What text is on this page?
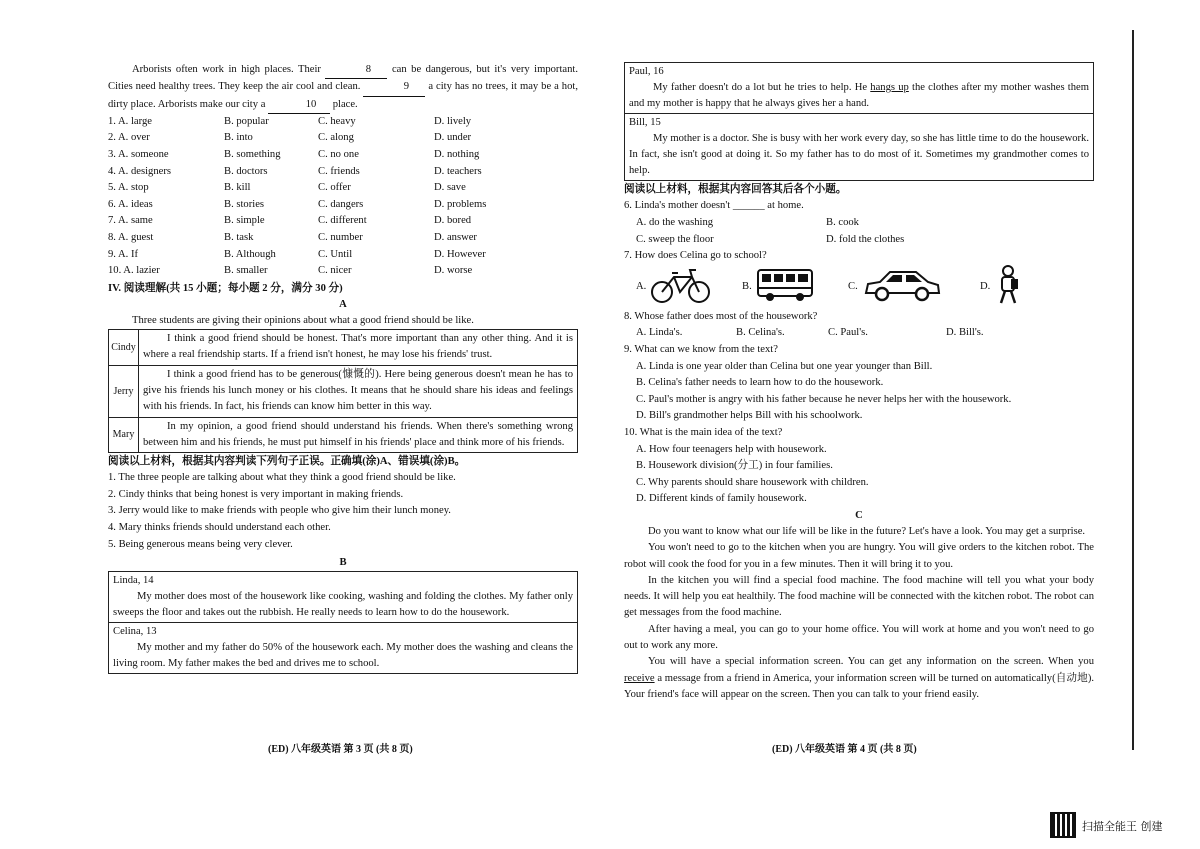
Arborists often work in high places. Their	8 can be dangerous, but it's very important. Cities need healthy trees. They keep the air cool and clean.	9 a city has no trees, it may be a hot, dirty place. Arborists make our city a	10 place.

1. A. large	B. popular	C. heavy	D. lively
2. A. over	B. into	C. along	D. under
3. A. someone	B. something	C. no one	D. nothing
4. A. designers	B. doctors	C. friends	D. teachers
5. A. stop	B. kill	C. offer	D. save
6. A. ideas	B. stories	C. dangers	D. problems
7. A. same	B. simple	C. different	D. bored
8. A. guest	B. task	C. number	D. answer
9. A. If	B. Although	C. Until	D. However
10. A. lazier	B. smaller	C. nicer	D. worse
IV. 阅读理解(共 15 小题；每小题 2 分，满分 30 分)
A

Three students are giving their opinions about what a good friend should be like.

Cindy

I think a good friend should be honest. That's more important than any other thing. And it is where a real friendship starts. If a friend isn't honest, he may lose his friends' trust.

Jerry

I think a good friend has to be generous(慷慨的). Here being generous doesn't mean he has to give his friends his lunch money or his clothes. It means that he should share his ideas and feelings with his friends. In fact, his friends can know him better in this way.

Mary

In my opinion, a good friend should understand his friends. When there's something wrong between him and his friends, he must put himself in his friends' place and think more of his friends.

阅读以上材料，根据其内容判读下列句子正误。正确填(涂)A、错误填(涂)B。
1. The three people are talking about what they think a good friend should be like.
2. Cindy thinks that being honest is very important in making friends.
3. Jerry would like to make friends with people who give him their lunch money.
4. Mary thinks friends should understand each other.
5. Being generous means being very clever.
B
Linda, 14

My mother does most of the housework like cooking, washing and folding the clothes. My father only sweeps the floor and takes out the rubbish. He really needs to learn how to do the housework.

Celina, 13

My mother and my father do 50% of the housework each. My mother does the washing and cleans the living room. My father makes the bed and drives me to school.

(ED) 八年级英语 第 3 页 (共 8 页)
Paul, 16

My father doesn't do a lot but he tries to help. He hangs up the clothes after my mother washes them and my mother is happy that he always gives her a hand.

Bill, 15

My mother is a doctor. She is busy with her work every day, so she has little time to do the housework. In fact, she isn't good at doing it. So my father has to do most of it. Sometimes my grandmother comes to help.

阅读以上材料，根据其内容回答其后各个小题。
6. Linda's mother doesn't ______ at home.
A. do the washing	B. cook
C. sweep the floor	D. fold the clothes
7. How does Celina go to school?
A.	B.	C.	D.
8. Whose father does most of the housework?
A. Linda's.	B. Celina's.	C. Paul's.	D. Bill's.
9. What can we know from the text?
A. Linda is one year older than Celina but one year younger than Bill.
B. Celina's father needs to learn how to do the housework.
C. Paul's mother is angry with his father because he never helps her with the housework.
D. Bill's grandmother helps Bill with his schoolwork.
10. What is the main idea of the text?
A. How four teenagers help with housework.
B. Housework division(分工) in four families.
C. Why parents should share housework with children.
D. Different kinds of family housework.
C

Do you want to know what our life will be like in the future? Let's have a look. You may get a surprise.

You won't need to go to the kitchen when you are hungry. You will give orders to the kitchen robot. The robot will cook the food for you in a few minutes. Then it will bring it to you.

In the kitchen you will find a special food machine. The food machine will tell you what your body needs. It will help you eat healthily. The food machine will be connected with the kitchen robot. The robot can get messages from the food machine.

After having a meal, you can go to your home office. You will work at home and you won't need to go out to work any more.

You will have a special information screen. You can get any information on the screen. When you receive a message from a friend in America, your information screen will be turned on automatically(自动地). Your friend's face will appear on the screen. Then you can talk to your friend easily.

(ED) 八年级英语 第 4 页 (共 8 页)
扫描全能王 创建
